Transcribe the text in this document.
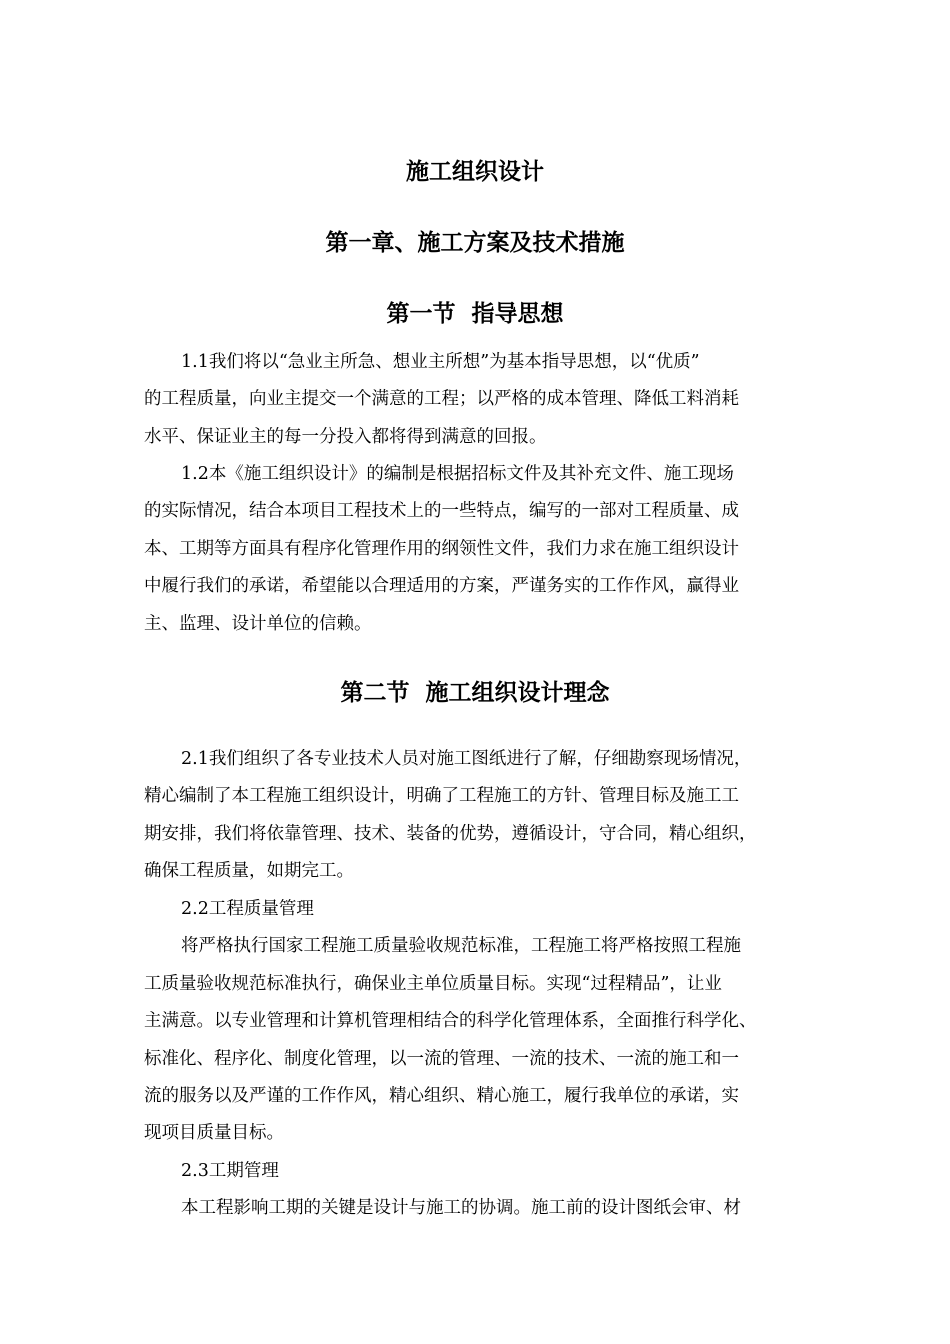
施工组织设计
第一章、施工方案及技术措施
第一节  指导思想
1.1我们将以“急业主所急、想业主所想”为基本指导思想，以“优质”
的工程质量，向业主提交一个满意的工程；以严格的成本管理、降低工料消耗
水平、保证业主的每一分投入都将得到满意的回报。
1.2本《施工组织设计》的编制是根据招标文件及其补充文件、施工现场
的实际情况，结合本项目工程技术上的一些特点，编写的一部对工程质量、成
本、工期等方面具有程序化管理作用的纲领性文件，我们力求在施工组织设计
中履行我们的承诺，希望能以合理适用的方案，严谨务实的工作作风，赢得业
主、监理、设计单位的信赖。
第二节  施工组织设计理念
2.1我们组织了各专业技术人员对施工图纸进行了解，仔细勘察现场情况，
精心编制了本工程施工组织设计，明确了工程施工的方针、管理目标及施工工
期安排，我们将依靠管理、技术、装备的优势，遵循设计，守合同，精心组织，
确保工程质量，如期完工。
2.2工程质量管理
将严格执行国家工程施工质量验收规范标准，工程施工将严格按照工程施
工质量验收规范标准执行，确保业主单位质量目标。实现“过程精品”，让业
主满意。以专业管理和计算机管理相结合的科学化管理体系，全面推行科学化、
标准化、程序化、制度化管理，以一流的管理、一流的技术、一流的施工和一
流的服务以及严谨的工作作风，精心组织、精心施工，履行我单位的承诺，实
现项目质量目标。
2.3工期管理
本工程影响工期的关键是设计与施工的协调。施工前的设计图纸会审、材
